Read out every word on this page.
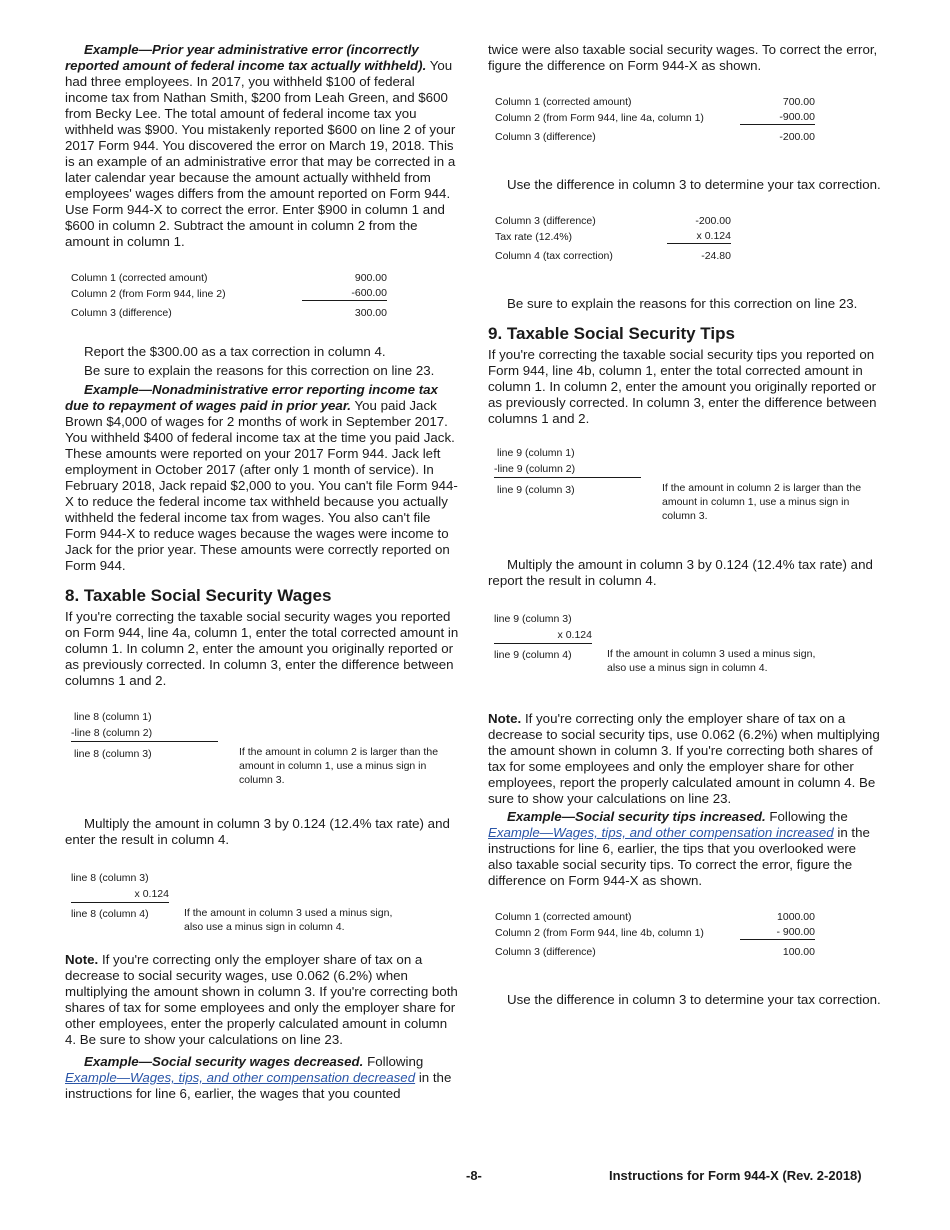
Example—Prior year administrative error (incorrectly reported amount of federal income tax actually withheld). You had three employees. In 2017, you withheld $100 of federal income tax from Nathan Smith, $200 from Leah Green, and $600 from Becky Lee. The total amount of federal income tax you withheld was $900. You mistakenly reported $600 on line 2 of your 2017 Form 944. You discovered the error on March 19, 2018. This is an example of an administrative error that may be corrected in a later calendar year because the amount actually withheld from employees' wages differs from the amount reported on Form 944. Use Form 944-X to correct the error. Enter $900 in column 1 and $600 in column 2. Subtract the amount in column 2 from the amount in column 1.

Column 1 (corrected amount)	900.00
Column 2 (from Form 944, line 2)	-600.00
Column 3 (difference)	300.00

Report the $300.00 as a tax correction in column 4.

Be sure to explain the reasons for this correction on line 23.

Example—Nonadministrative error reporting income tax due to repayment of wages paid in prior year. You paid Jack Brown $4,000 of wages for 2 months of work in September 2017. You withheld $400 of federal income tax at the time you paid Jack. These amounts were reported on your 2017 Form 944. Jack left employment in October 2017 (after only 1 month of service). In February 2018, Jack repaid $2,000 to you. You can't file Form 944-X to reduce the federal income tax withheld because you actually withheld the federal income tax from wages. You also can't file Form 944-X to reduce wages because the wages were income to Jack for the prior year. These amounts were correctly reported on Form 944.

8. Taxable Social Security Wages

If you're correcting the taxable social security wages you reported on Form 944, line 4a, column 1, enter the total corrected amount in column 1. In column 2, enter the amount you originally reported or as previously corrected. In column 3, enter the difference between columns 1 and 2.

line 8 (column 1)
-line 8 (column 2)
line 8 (column 3)	If the amount in column 2 is larger than the amount in column 1, use a minus sign in column 3.

Multiply the amount in column 3 by 0.124 (12.4% tax rate) and enter the result in column 4.

line 8 (column 3)
x 0.124
line 8 (column 4)	If the amount in column 3 used a minus sign, also use a minus sign in column 4.

Note. If you're correcting only the employer share of tax on a decrease to social security wages, use 0.062 (6.2%) when multiplying the amount shown in column 3. If you're correcting both shares of tax for some employees and only the employer share for other employees, enter the properly calculated amount in column 4. Be sure to show your calculations on line 23.

Example—Social security wages decreased. Following Example—Wages, tips, and other compensation decreased in the instructions for line 6, earlier, the wages that you counted

twice were also taxable social security wages. To correct the error, figure the difference on Form 944-X as shown.

Column 1 (corrected amount)	700.00
Column 2 (from Form 944, line 4a, column 1)	-900.00
Column 3 (difference)	-200.00

Use the difference in column 3 to determine your tax correction.

Column 3 (difference)	-200.00
Tax rate (12.4%)	x 0.124
Column 4 (tax correction)	-24.80

Be sure to explain the reasons for this correction on line 23.

9. Taxable Social Security Tips

If you're correcting the taxable social security tips you reported on Form 944, line 4b, column 1, enter the total corrected amount in column 1. In column 2, enter the amount you originally reported or as previously corrected. In column 3, enter the difference between columns 1 and 2.

line 9 (column 1)
-line 9 (column 2)
line 9 (column 3)	If the amount in column 2 is larger than the amount in column 1, use a minus sign in column 3.

Multiply the amount in column 3 by 0.124 (12.4% tax rate) and report the result in column 4.

line 9 (column 3)
x 0.124
line 9 (column 4)	If the amount in column 3 used a minus sign, also use a minus sign in column 4.

Note. If you're correcting only the employer share of tax on a decrease to social security tips, use 0.062 (6.2%) when multiplying the amount shown in column 3. If you're correcting both shares of tax for some employees and only the employer share for other employees, report the properly calculated amount in column 4. Be sure to show your calculations on line 23.

Example—Social security tips increased. Following the Example—Wages, tips, and other compensation increased in the instructions for line 6, earlier, the tips that you overlooked were also taxable social security tips. To correct the error, figure the difference on Form 944-X as shown.

Column 1 (corrected amount)	1000.00
Column 2 (from Form 944, line 4b, column 1)	- 900.00
Column 3 (difference)	100.00

Use the difference in column 3 to determine your tax correction.

-8-	Instructions for Form 944-X (Rev. 2-2018)
